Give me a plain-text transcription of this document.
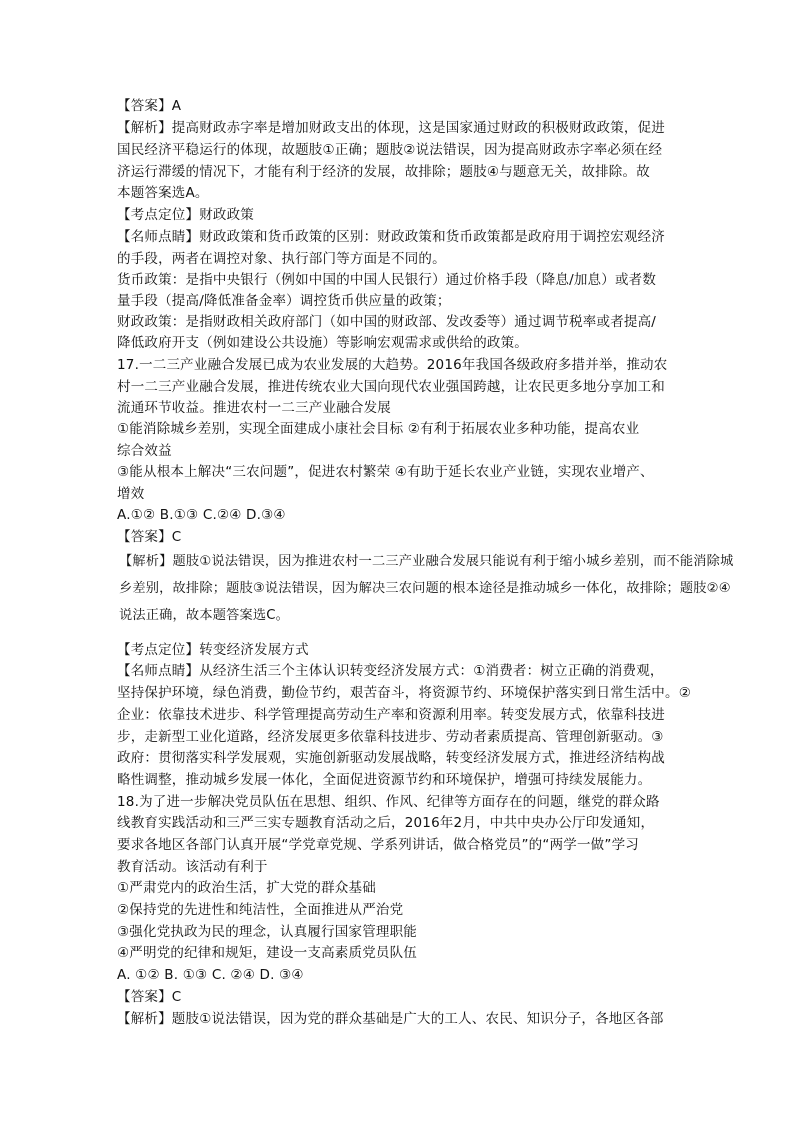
【答案】A
【解析】提高财政赤字率是增加财政支出的体现，这是国家通过财政的积极财政政策，促进
国民经济平稳运行的体现，故题肢①正确；题肢②说法错误，因为提高财政赤字率必须在经
济运行滞缓的情况下，才能有利于经济的发展，故排除；题肢④与题意无关，故排除。故
本题答案选A。
【考点定位】财政政策
【名师点睛】财政政策和货币政策的区别：财政政策和货币政策都是政府用于调控宏观经济
的手段，两者在调控对象、执行部门等方面是不同的。
货币政策：是指中央银行（例如中国的中国人民银行）通过价格手段（降息/加息）或者数
量手段（提高/降低准备金率）调控货币供应量的政策；
财政政策：是指财政相关政府部门（如中国的财政部、发改委等）通过调节税率或者提高/
降低政府开支（例如建设公共设施）等影响宏观需求或供给的政策。
17.一二三产业融合发展已成为农业发展的大趋势。2016年我国各级政府多措并举，推动农
村一二三产业融合发展，推进传统农业大国向现代农业强国跨越，让农民更多地分享加工和
流通环节收益。推进农村一二三产业融合发展
①能消除城乡差别，实现全面建成小康社会目标 ②有利于拓展农业多种功能，提高农业
综合效益
③能从根本上解决“三农问题”，促进农村繁荣 ④有助于延长农业产业链，实现农业增产、
增效
A.①② B.①③ C.②④ D.③④
【答案】C
【解析】题肢①说法错误，因为推进农村一二三产业融合发展只能说有利于缩小城乡差别，而不能消除城
乡差别，故排除；题肢③说法错误，因为解决三农问题的根本途径是推动城乡一体化，故排除；题肢②④
说法正确，故本题答案选C。
【考点定位】转变经济发展方式
【名师点睛】从经济生活三个主体认识转变经济发展方式：①消费者：树立正确的消费观，
坚持保护环境，绿色消费，勤俭节约，艰苦奋斗，将资源节约、环境保护落实到日常生活中。②
企业：依靠技术进步、科学管理提高劳动生产率和资源利用率。转变发展方式，依靠科技进
步，走新型工业化道路，经济发展更多依靠科技进步、劳动者素质提高、管理创新驱动。③
政府：贯彻落实科学发展观，实施创新驱动发展战略，转变经济发展方式，推进经济结构战
略性调整，推动城乡发展一体化，全面促进资源节约和环境保护，增强可持续发展能力。
18.为了进一步解决党员队伍在思想、组织、作风、纪律等方面存在的问题，继党的群众路
线教育实践活动和三严三实专题教育活动之后，2016年2月，中共中央办公厅印发通知，
要求各地区各部门认真开展“学党章党规、学系列讲话，做合格党员”的“两学一做”学习
教育活动。该活动有利于
①严肃党内的政治生活，扩大党的群众基础
②保持党的先进性和纯洁性，全面推进从严治党
③强化党执政为民的理念，认真履行国家管理职能
④严明党的纪律和规矩，建设一支高素质党员队伍
A. ①② B. ①③ C. ②④ D. ③④
【答案】C
【解析】题肢①说法错误，因为党的群众基础是广大的工人、农民、知识分子，各地区各部
